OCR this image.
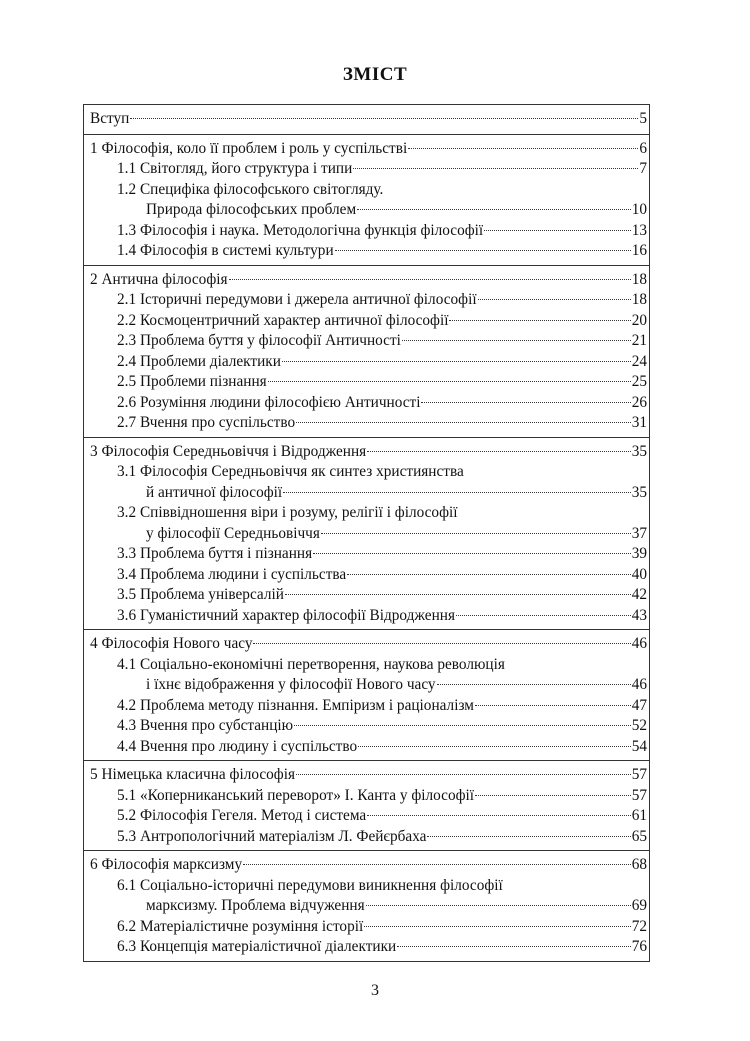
ЗМІСТ
Вступ	5
1 Філософія, коло її проблем і роль у суспільстві	6
1.1 Світогляд, його структура і типи	7
1.2 Специфіка філософського світогляду.
Природа філософських проблем	10
1.3 Філософія і наука. Методологічна функція філософії	13
1.4 Філософія в системі культури	16
2 Антична філософія	18
2.1 Історичні передумови і джерела античної філософії	18
2.2 Космоцентричний характер античної філософії	20
2.3 Проблема буття у філософії Античності	21
2.4 Проблеми діалектики	24
2.5 Проблеми пізнання	25
2.6 Розуміння людини філософією Античності	26
2.7 Вчення про суспільство	31
3 Філософія Середньовіччя і Відродження	35
3.1 Філософія Середньовіччя як синтез християнства
й античної філософії	35
3.2 Співвідношення віри і розуму, релігії і філософії
у філософії Середньовіччя	37
3.3 Проблема буття і пізнання	39
3.4 Проблема людини і суспільства	40
3.5 Проблема універсалій	42
3.6 Гуманістичний характер філософії Відродження	43
4 Філософія Нового часу	46
4.1 Соціально-економічні перетворення, наукова революція
і їхнє відображення у філософії Нового часу	46
4.2 Проблема методу пізнання. Емпіризм і раціоналізм	47
4.3 Вчення про субстанцію	52
4.4 Вчення про людину і суспільство	54
5 Німецька класична філософія	57
5.1 «Коперниканський переворот» І. Канта у філософії	57
5.2 Філософія Гегеля. Метод і система	61
5.3 Антропологічний матеріалізм Л. Фейєрбаха	65
6 Філософія марксизму	68
6.1 Соціально-історичні передумови виникнення філософії
марксизму. Проблема відчуження	69
6.2 Матеріалістичне розуміння історії	72
6.3 Концепція матеріалістичної діалектики	76
3
